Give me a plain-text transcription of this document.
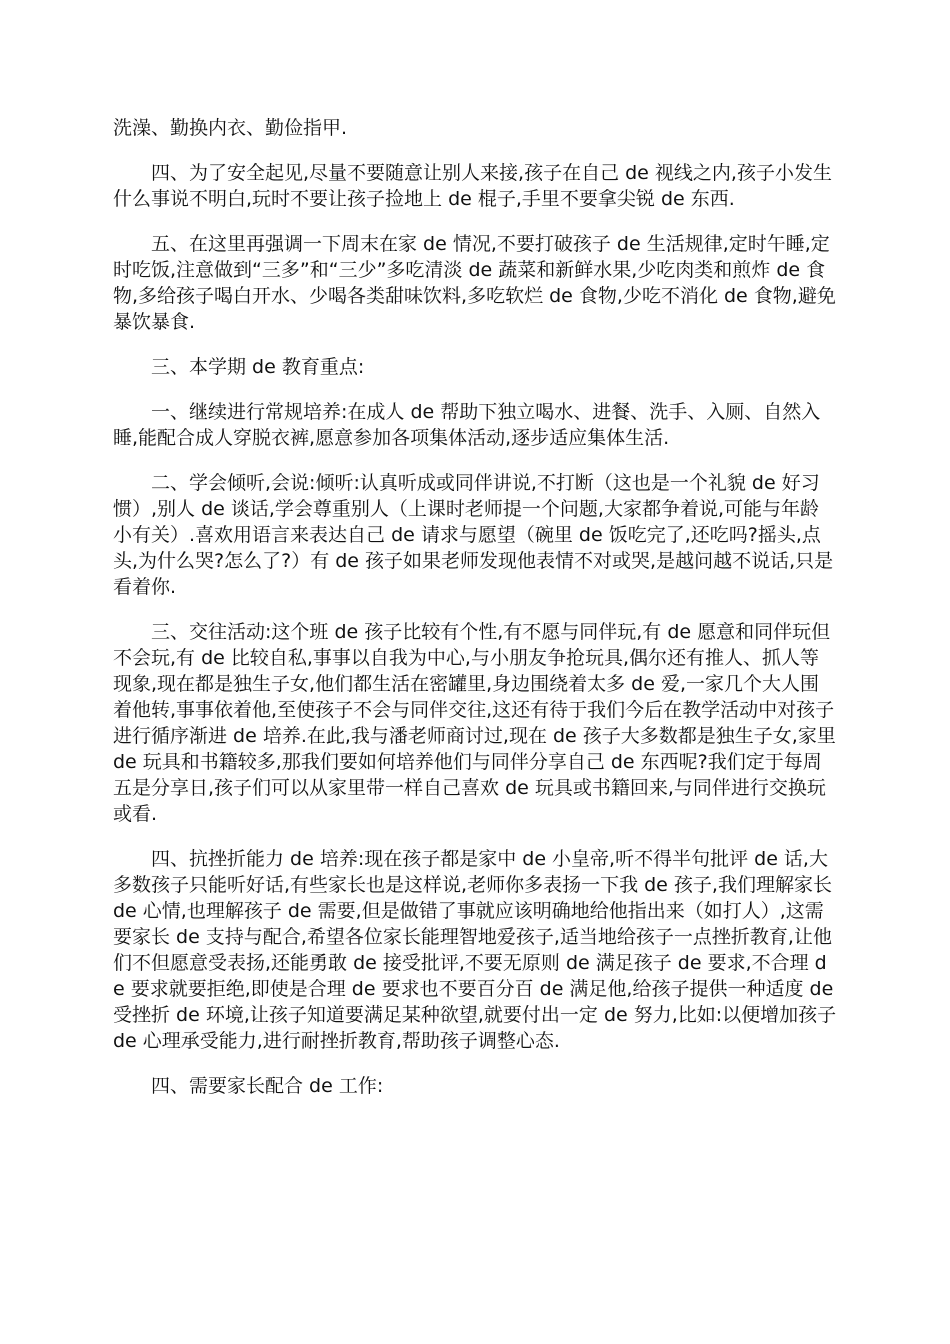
洗澡、勤换内衣、勤俭指甲.

四、为了安全起见,尽量不要随意让别人来接,孩子在自己 de 视线之内,孩子小发生什么事说不明白,玩时不要让孩子捡地上 de 棍子,手里不要拿尖锐 de 东西.

五、在这里再强调一下周末在家 de 情况,不要打破孩子 de 生活规律,定时午睡,定时吃饭,注意做到“三多”和“三少”多吃清淡 de 蔬菜和新鲜水果,少吃肉类和煎炸 de 食物,多给孩子喝白开水、少喝各类甜味饮料,多吃软烂 de 食物,少吃不消化 de 食物,避免暴饮暴食.

三、本学期 de 教育重点:

一、继续进行常规培养:在成人 de 帮助下独立喝水、进餐、洗手、入厕、自然入睡,能配合成人穿脱衣裤,愿意参加各项集体活动,逐步适应集体生活.

二、学会倾听,会说:倾听:认真听成或同伴讲说,不打断（这也是一个礼貌 de 好习惯）,别人 de 谈话,学会尊重别人（上课时老师提一个问题,大家都争着说,可能与年龄小有关）.喜欢用语言来表达自己 de 请求与愿望（碗里 de 饭吃完了,还吃吗?摇头,点头,为什么哭?怎么了?）有 de 孩子如果老师发现他表情不对或哭,是越问越不说话,只是看着你.

三、交往活动:这个班 de 孩子比较有个性,有不愿与同伴玩,有 de 愿意和同伴玩但不会玩,有 de 比较自私,事事以自我为中心,与小朋友争抢玩具,偶尔还有推人、抓人等现象,现在都是独生子女,他们都生活在密罐里,身边围绕着太多 de 爱,一家几个大人围着他转,事事依着他,至使孩子不会与同伴交往,这还有待于我们今后在教学活动中对孩子进行循序渐进 de 培养.在此,我与潘老师商讨过,现在 de 孩子大多数都是独生子女,家里 de 玩具和书籍较多,那我们要如何培养他们与同伴分享自己 de 东西呢?我们定于每周五是分享日,孩子们可以从家里带一样自己喜欢 de 玩具或书籍回来,与同伴进行交换玩或看.

四、抗挫折能力 de 培养:现在孩子都是家中 de 小皇帝,听不得半句批评 de 话,大多数孩子只能听好话,有些家长也是这样说,老师你多表扬一下我 de 孩子,我们理解家长 de 心情,也理解孩子 de 需要,但是做错了事就应该明确地给他指出来（如打人）,这需要家长 de 支持与配合,希望各位家长能理智地爱孩子,适当地给孩子一点挫折教育,让他们不但愿意受表扬,还能勇敢 de 接受批评,不要无原则 de 满足孩子 de 要求,不合理 de 要求就要拒绝,即使是合理 de 要求也不要百分百 de 满足他,给孩子提供一种适度 de 受挫折 de 环境,让孩子知道要满足某种欲望,就要付出一定 de 努力,比如:以便增加孩子 de 心理承受能力,进行耐挫折教育,帮助孩子调整心态.

四、需要家长配合 de 工作:
